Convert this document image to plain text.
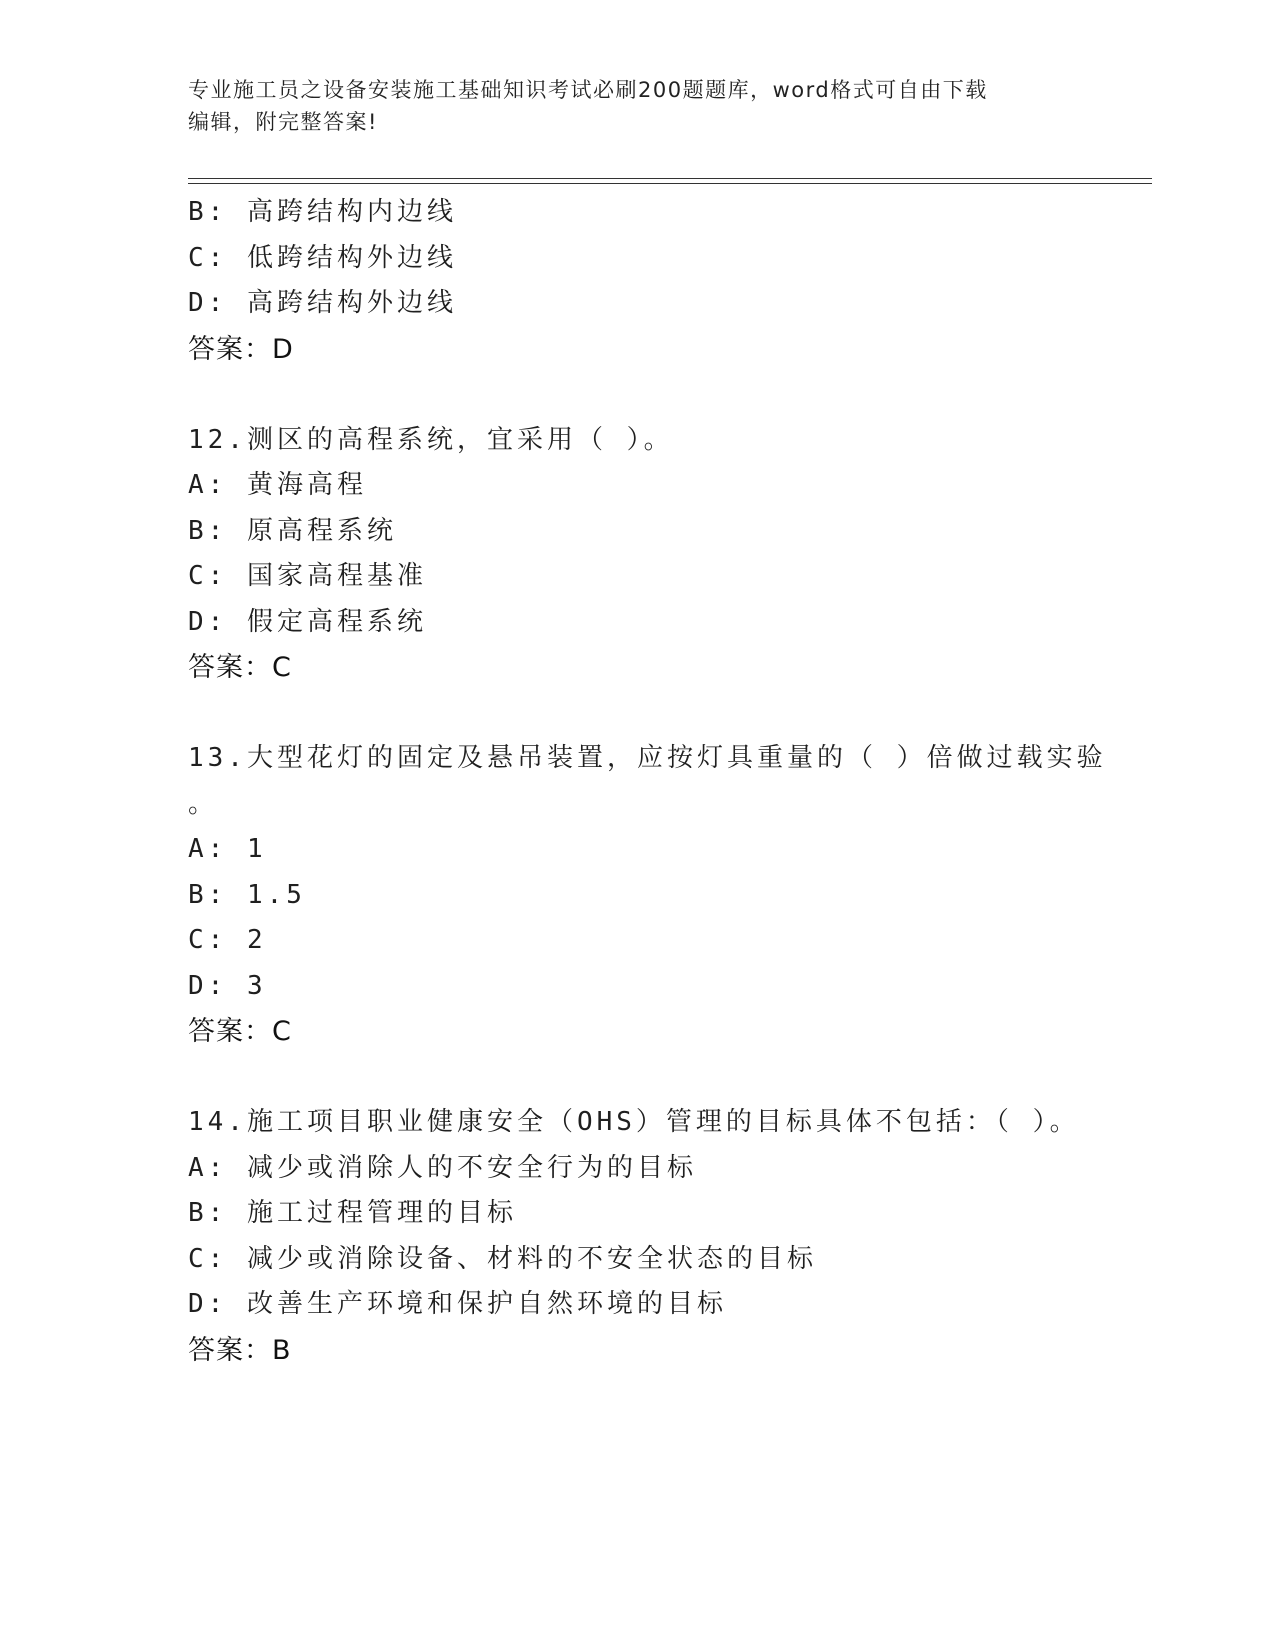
专业施工员之设备安装施工基础知识考试必刷200题题库，word格式可自由下载
编辑，附完整答案!
B: 高跨结构内边线
C: 低跨结构外边线
D: 高跨结构外边线
答案：D
12.测区的高程系统，宜采用（ ）。
A: 黄海高程
B: 原高程系统
C: 国家高程基准
D: 假定高程系统
答案：C
13.大型花灯的固定及悬吊装置，应按灯具重量的（ ）倍做过载实验
。
A: 1
B: 1.5
C: 2
D: 3
答案：C
14.施工项目职业健康安全（OHS）管理的目标具体不包括：（ ）。
A: 减少或消除人的不安全行为的目标
B: 施工过程管理的目标
C: 减少或消除设备、材料的不安全状态的目标
D: 改善生产环境和保护自然环境的目标
答案：B
